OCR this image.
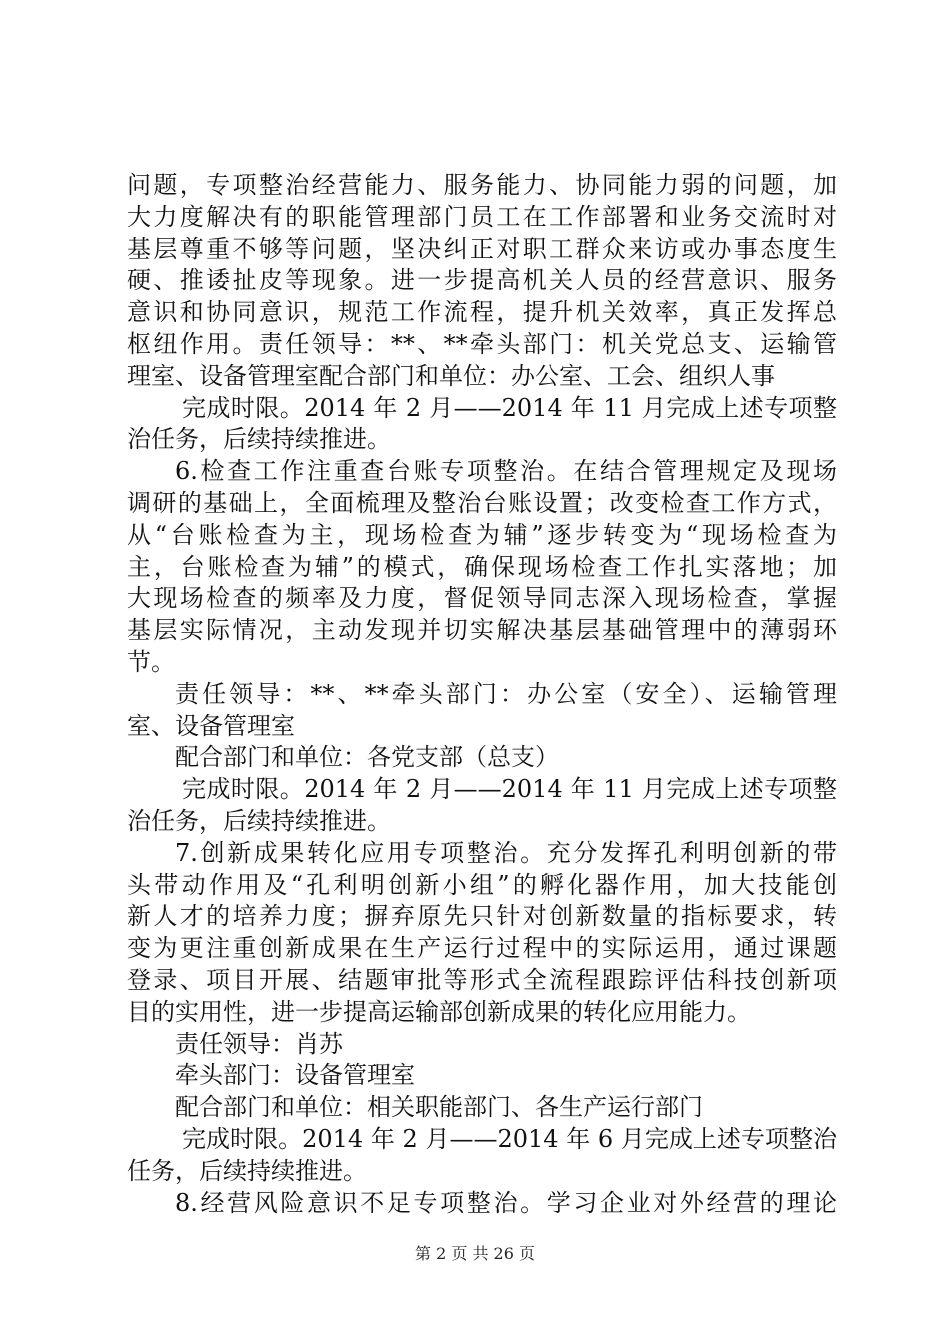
问题，专项整治经营能力、服务能力、协同能力弱的问题，加
大力度解决有的职能管理部门员工在工作部署和业务交流时对
基层尊重不够等问题，坚决纠正对职工群众来访或办事态度生
硬、推诿扯皮等现象。进一步提高机关人员的经营意识、服务
意识和协同意识，规范工作流程，提升机关效率，真正发挥总
枢纽作用。责任领导：**、**牵头部门：机关党总支、运输管
理室、设备管理室配合部门和单位：办公室、工会、组织人事
完成时限。2014 年 2 月——2014 年 11 月完成上述专项整
治任务，后续持续推进。
6.检查工作注重查台账专项整治。在结合管理规定及现场
调研的基础上，全面梳理及整治台账设置；改变检查工作方式，
从“台账检查为主，现场检查为辅”逐步转变为“现场检查为
主，台账检查为辅”的模式，确保现场检查工作扎实落地；加
大现场检查的频率及力度，督促领导同志深入现场检查，掌握
基层实际情况，主动发现并切实解决基层基础管理中的薄弱环
节。
责任领导：**、**牵头部门：办公室（安全）、运输管理
室、设备管理室
配合部门和单位：各党支部（总支）
完成时限。2014 年 2 月——2014 年 11 月完成上述专项整
治任务，后续持续推进。
7.创新成果转化应用专项整治。充分发挥孔利明创新的带
头带动作用及“孔利明创新小组”的孵化器作用，加大技能创
新人才的培养力度；摒弃原先只针对创新数量的指标要求，转
变为更注重创新成果在生产运行过程中的实际运用，通过课题
登录、项目开展、结题审批等形式全流程跟踪评估科技创新项
目的实用性，进一步提高运输部创新成果的转化应用能力。
责任领导：肖苏
牵头部门：设备管理室
配合部门和单位：相关职能部门、各生产运行部门
完成时限。2014 年 2 月——2014 年 6 月完成上述专项整治
任务，后续持续推进。
8.经营风险意识不足专项整治。学习企业对外经营的理论
第 2 页 共 26 页
